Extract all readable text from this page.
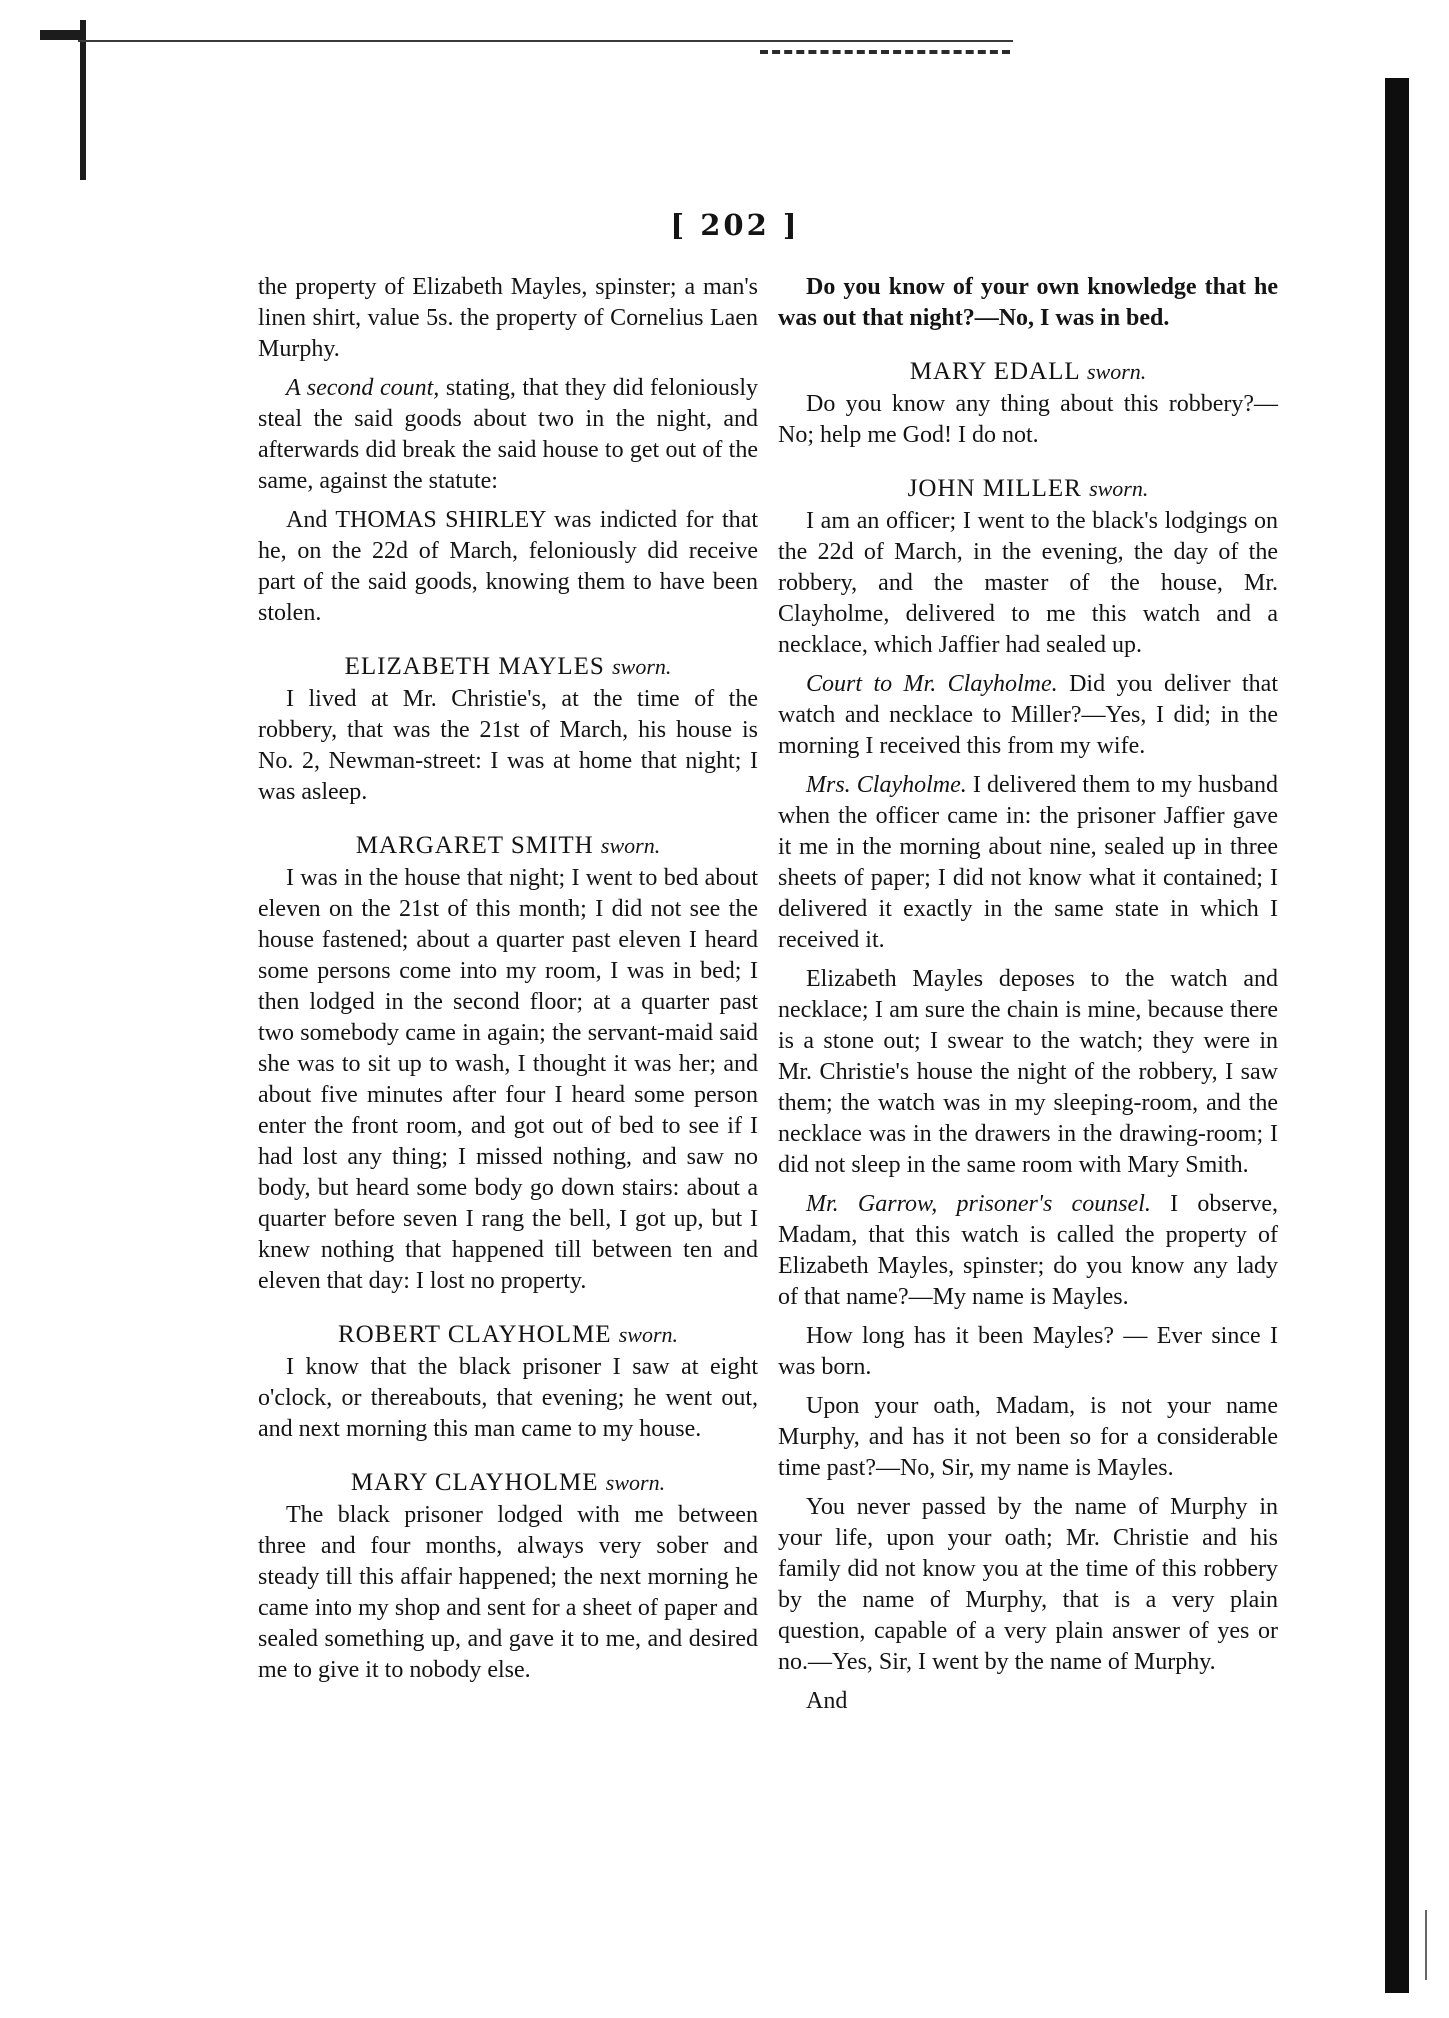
[ 202 ]

the property of Elizabeth Mayles, spinster; a man's linen shirt, value 5s. the property of Cornelius Laen Murphy.

A second count, stating, that they did feloniously steal the said goods about two in the night, and afterwards did break the said house to get out of the same, against the statute:

And THOMAS SHIRLEY was indicted for that he, on the 22d of March, feloniously did receive part of the said goods, knowing them to have been stolen.

ELIZABETH MAYLES sworn.

I lived at Mr. Christie's, at the time of the robbery, that was the 21st of March, his house is No. 2, Newman-street: I was at home that night; I was asleep.

MARGARET SMITH sworn.

I was in the house that night; I went to bed about eleven on the 21st of this month; I did not see the house fastened; about a quarter past eleven I heard some persons come into my room, I was in bed; I then lodged in the second floor; at a quarter past two somebody came in again; the servant-maid said she was to sit up to wash, I thought it was her; and about five minutes after four I heard some person enter the front room, and got out of bed to see if I had lost any thing; I missed nothing, and saw no body, but heard some body go down stairs: about a quarter before seven I rang the bell, I got up, but I knew nothing that happened till between ten and eleven that day: I lost no property.

ROBERT CLAYHOLME sworn.

I know that the black prisoner I saw at eight o'clock, or thereabouts, that evening; he went out, and next morning this man came to my house.

MARY CLAYHOLME sworn.

The black prisoner lodged with me between three and four months, always very sober and steady till this affair happened; the next morning he came into my shop and sent for a sheet of paper and sealed something up, and gave it to me, and desired me to give it to nobody else.

Do you know of your own knowledge that he was out that night?—No, I was in bed.

MARY EDALL sworn.

Do you know any thing about this robbery?—No; help me God! I do not.

JOHN MILLER sworn.

I am an officer; I went to the black's lodgings on the 22d of March, in the evening, the day of the robbery, and the master of the house, Mr. Clayholme, delivered to me this watch and a necklace, which Jaffier had sealed up.

Court to Mr. Clayholme. Did you deliver that watch and necklace to Miller?—Yes, I did; in the morning I received this from my wife.

Mrs. Clayholme. I delivered them to my husband when the officer came in: the prisoner Jaffier gave it me in the morning about nine, sealed up in three sheets of paper; I did not know what it contained; I delivered it exactly in the same state in which I received it.

Elizabeth Mayles deposes to the watch and necklace; I am sure the chain is mine, because there is a stone out; I swear to the watch; they were in Mr. Christie's house the night of the robbery, I saw them; the watch was in my sleeping-room, and the necklace was in the drawers in the drawing-room; I did not sleep in the same room with Mary Smith.

Mr. Garrow, prisoner's counsel. I observe, Madam, that this watch is called the property of Elizabeth Mayles, spinster; do you know any lady of that name?—My name is Mayles.

How long has it been Mayles? — Ever since I was born.

Upon your oath, Madam, is not your name Murphy, and has it not been so for a considerable time past?—No, Sir, my name is Mayles.

You never passed by the name of Murphy in your life, upon your oath; Mr. Christie and his family did not know you at the time of this robbery by the name of Murphy, that is a very plain question, capable of a very plain answer of yes or no.—Yes, Sir, I went by the name of Murphy.

And
